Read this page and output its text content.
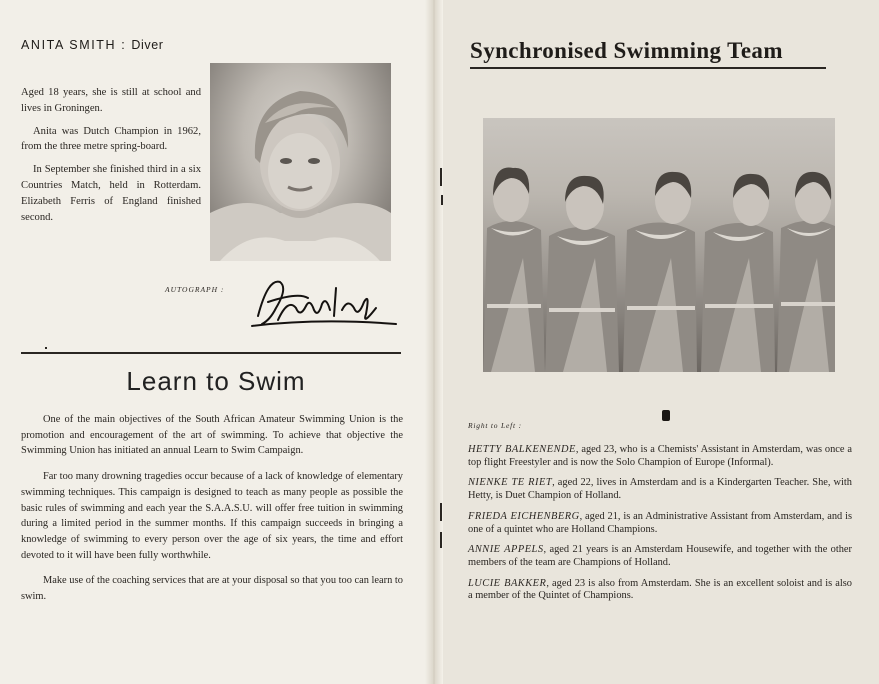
ANITA SMITH : Diver

Aged 18 years, she is still at school and lives in Groningen.

Anita was Dutch Champion in 1962, from the three metre spring-board.

In September she finished third in a six Countries Match, held in Rotterdam. Elizabeth Ferris of England finished second.

AUTOGRAPH :
Learn to Swim

One of the main objectives of the South African Amateur Swimming Union is the promotion and encouragement of the art of swimming. To achieve that objective the Swimming Union has initiated an annual Learn to Swim Campaign.

Far too many drowning tragedies occur because of a lack of knowledge of elementary swimming techniques. This campaign is designed to teach as many people as possible the basic rules of swimming and each year the S.A.A.S.U. will offer free tuition in swimming during a limited period in the summer months. If this campaign succeeds in bringing a knowledge of swimming to every person over the age of six years, the time and effort devoted to it will have been fully worthwhile.

Make use of the coaching services that are at your disposal so that you too can learn to swim.

Synchronised Swimming Team
Right to Left :

HETTY BALKENENDE, aged 23, who is a Chemists' Assistant in Amsterdam, was once a top flight Freestyler and is now the Solo Champion of Europe (Informal).

NIENKE TE RIET, aged 22, lives in Amsterdam and is a Kindergarten Teacher. She, with Hetty, is Duet Champion of Holland.

FRIEDA EICHENBERG, aged 21, is an Administrative Assistant from Amsterdam, and is one of a quintet who are Holland Champions.

ANNIE APPELS, aged 21 years is an Amsterdam Housewife, and together with the other members of the team are Champions of Holland.

LUCIE BAKKER, aged 23 is also from Amsterdam. She is an excellent soloist and is also a member of the Quintet of Champions.
